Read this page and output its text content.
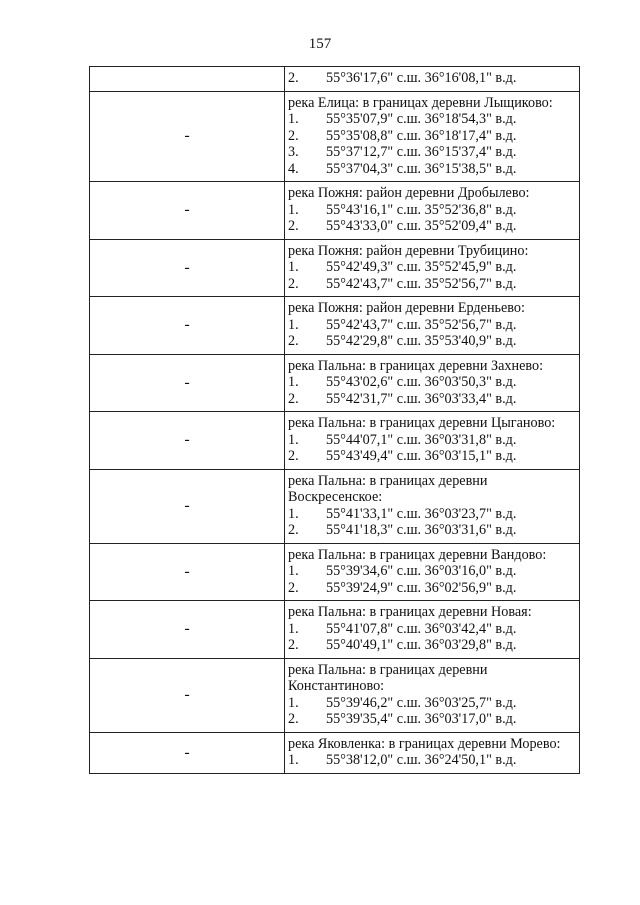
157

	2. 55°36'17,6" с.ш. 36°16'08,1" в.д.

-	река Елица: в границах деревни Лыщиково:
1. 55°35'07,9" с.ш. 36°18'54,3" в.д.
2. 55°35'08,8" с.ш. 36°18'17,4" в.д.
3. 55°37'12,7" с.ш. 36°15'37,4" в.д.
4. 55°37'04,3" с.ш. 36°15'38,5" в.д.

-	река Пожня: район деревни Дробылево:
1. 55°43'16,1" с.ш. 35°52'36,8" в.д.
2. 55°43'33,0" с.ш. 35°52'09,4" в.д.

-	река Пожня: район деревни Трубицино:
1. 55°42'49,3" с.ш. 35°52'45,9" в.д.
2. 55°42'43,7" с.ш. 35°52'56,7" в.д.

-	река Пожня: район деревни Ерденьево:
1. 55°42'43,7" с.ш. 35°52'56,7" в.д.
2. 55°42'29,8" с.ш. 35°53'40,9" в.д.

-	река Пальна: в границах деревни Захнево:
1. 55°43'02,6" с.ш. 36°03'50,3" в.д.
2. 55°42'31,7" с.ш. 36°03'33,4" в.д.

-	река Пальна: в границах деревни Цыганово:
1. 55°44'07,1" с.ш. 36°03'31,8" в.д.
2. 55°43'49,4" с.ш. 36°03'15,1" в.д.

-	река Пальна: в границах деревни
Воскресенское:
1. 55°41'33,1" с.ш. 36°03'23,7" в.д.
2. 55°41'18,3" с.ш. 36°03'31,6" в.д.

-	река Пальна: в границах деревни Вандово:
1. 55°39'34,6" с.ш. 36°03'16,0" в.д.
2. 55°39'24,9" с.ш. 36°02'56,9" в.д.

-	река Пальна: в границах деревни Новая:
1. 55°41'07,8" с.ш. 36°03'42,4" в.д.
2. 55°40'49,1" с.ш. 36°03'29,8" в.д.

-	река Пальна: в границах деревни
Константиново:
1. 55°39'46,2" с.ш. 36°03'25,7" в.д.
2. 55°39'35,4" с.ш. 36°03'17,0" в.д.

-	река Яковленка: в границах деревни Морево:
1. 55°38'12,0" с.ш. 36°24'50,1" в.д.
